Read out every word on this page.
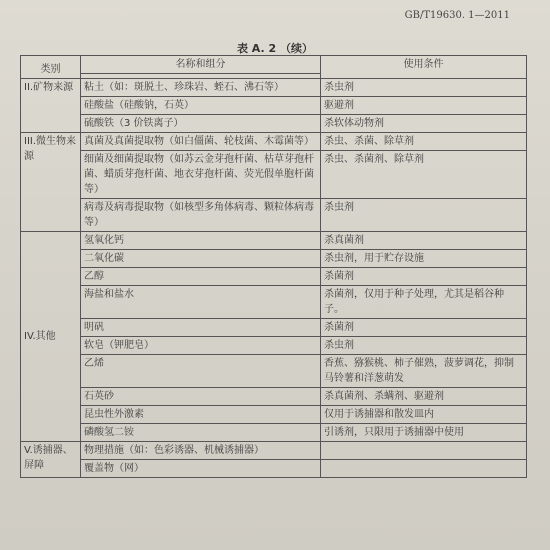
GB/T19630. 1—2011
表 A. 2 （续）
类别	名称和组分	使用条件

II.矿物来源	粘土（如：斑脱土、珍珠岩、蛭石、沸石等）	杀虫剂
	硅酸盐（硅酸钠，石英）	驱避剂
	硫酸铁（3 价铁离子）	杀软体动物剂
III.微生物来源	真菌及真菌提取物（如白僵菌、轮枝菌、木霉菌等）	杀虫、杀菌、除草剂
	细菌及细菌提取物（如苏云金芽孢杆菌、枯草芽孢杆菌、蜡质芽孢杆菌、地衣芽孢杆菌、荧光假单胞杆菌等）	杀虫、杀菌剂、除草剂
	病毒及病毒提取物（如核型多角体病毒、颗粒体病毒等）	杀虫剂
IV.其他	氢氧化钙	杀真菌剂
	二氧化碳	杀虫剂，用于贮存设施
	乙醇	杀菌剂
	海盐和盐水	杀菌剂，仅用于种子处理，尤其是稻谷种子。
	明矾	杀菌剂
	软皂（钾肥皂）	杀虫剂
	乙烯	香蕉、猕猴桃、柿子催熟，菠萝调花，抑制马铃薯和洋葱萌发
	石英砂	杀真菌剂、杀螨剂、驱避剂
	昆虫性外激素	仅用于诱捕器和散发皿内
	磷酸氢二铵	引诱剂，只限用于诱捕器中使用
V.诱捕器、屏障	物理措施（如：色彩诱器、机械诱捕器）	
	覆盖物（网）	
